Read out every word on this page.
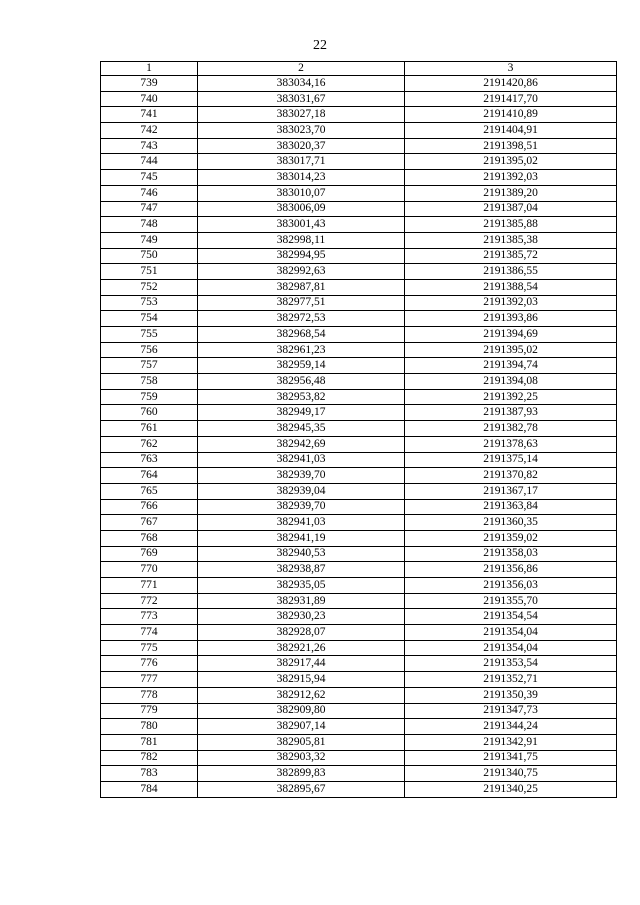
22
1	2	3
739	383034,16	2191420,86
740	383031,67	2191417,70
741	383027,18	2191410,89
742	383023,70	2191404,91
743	383020,37	2191398,51
744	383017,71	2191395,02
745	383014,23	2191392,03
746	383010,07	2191389,20
747	383006,09	2191387,04
748	383001,43	2191385,88
749	382998,11	2191385,38
750	382994,95	2191385,72
751	382992,63	2191386,55
752	382987,81	2191388,54
753	382977,51	2191392,03
754	382972,53	2191393,86
755	382968,54	2191394,69
756	382961,23	2191395,02
757	382959,14	2191394,74
758	382956,48	2191394,08
759	382953,82	2191392,25
760	382949,17	2191387,93
761	382945,35	2191382,78
762	382942,69	2191378,63
763	382941,03	2191375,14
764	382939,70	2191370,82
765	382939,04	2191367,17
766	382939,70	2191363,84
767	382941,03	2191360,35
768	382941,19	2191359,02
769	382940,53	2191358,03
770	382938,87	2191356,86
771	382935,05	2191356,03
772	382931,89	2191355,70
773	382930,23	2191354,54
774	382928,07	2191354,04
775	382921,26	2191354,04
776	382917,44	2191353,54
777	382915,94	2191352,71
778	382912,62	2191350,39
779	382909,80	2191347,73
780	382907,14	2191344,24
781	382905,81	2191342,91
782	382903,32	2191341,75
783	382899,83	2191340,75
784	382895,67	2191340,25
